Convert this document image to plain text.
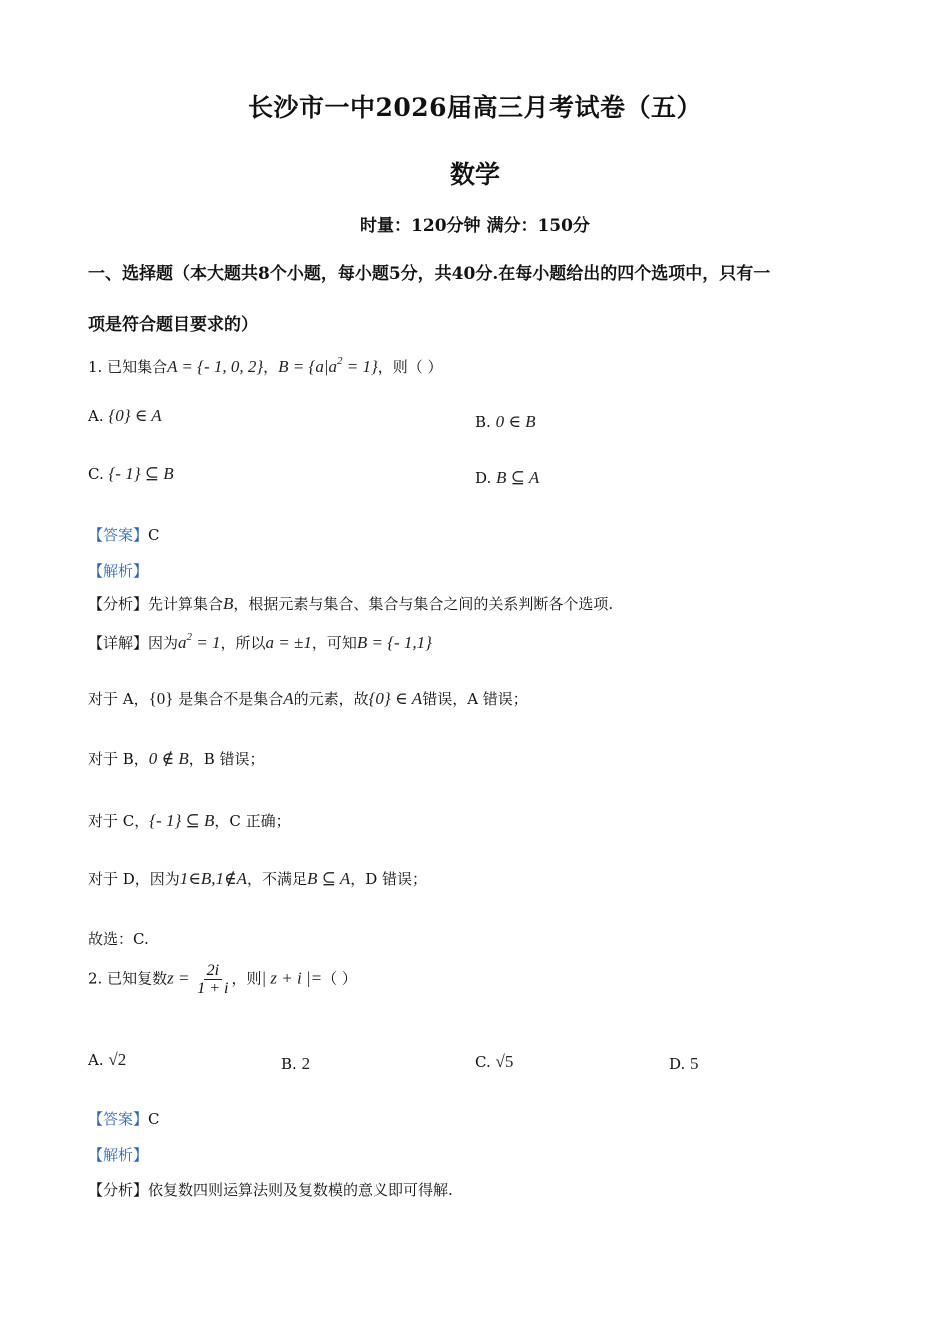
长沙市一中2026届高三月考试卷（五）
数学
时量：120分钟 满分：150分
一、选择题（本大题共8个小题，每小题5分，共40分.在每小题给出的四个选项中，只有一
项是符合题目要求的）
1. 已知集合A = {- 1, 0, 2}，$B = \{a|a^2 = 1\}$，则（ ）
A. {0} ∈ A	B. 0 ∈ B
C. {- 1} ⊆ B	D. B ⊆ A
【答案】C
【解析】
【分析】先计算集合B，根据元素与集合、集合与集合之间的关系判断各个选项.
【详解】因为$a^2 = 1$，所以a = ±1，可知B = {- 1,1}
对于 A，{0} 是集合不是集合A的元素，故{0} ∈ A错误，A 错误；
对于 B，0 ∉ B，B 错误；
对于 C，{- 1} ⊆ B，C 正确；
对于 D，因为1∈B,1∉A，不满足B ⊆ A，D 错误；
故选：C.
2. 已知复数$z = \frac{2i}{1 + i}$ ，则| z + i |=（ ）
A. √2	B. 2	C. √5	D. 5
【答案】C
【解析】
【分析】依复数四则运算法则及复数模的意义即可得解.
